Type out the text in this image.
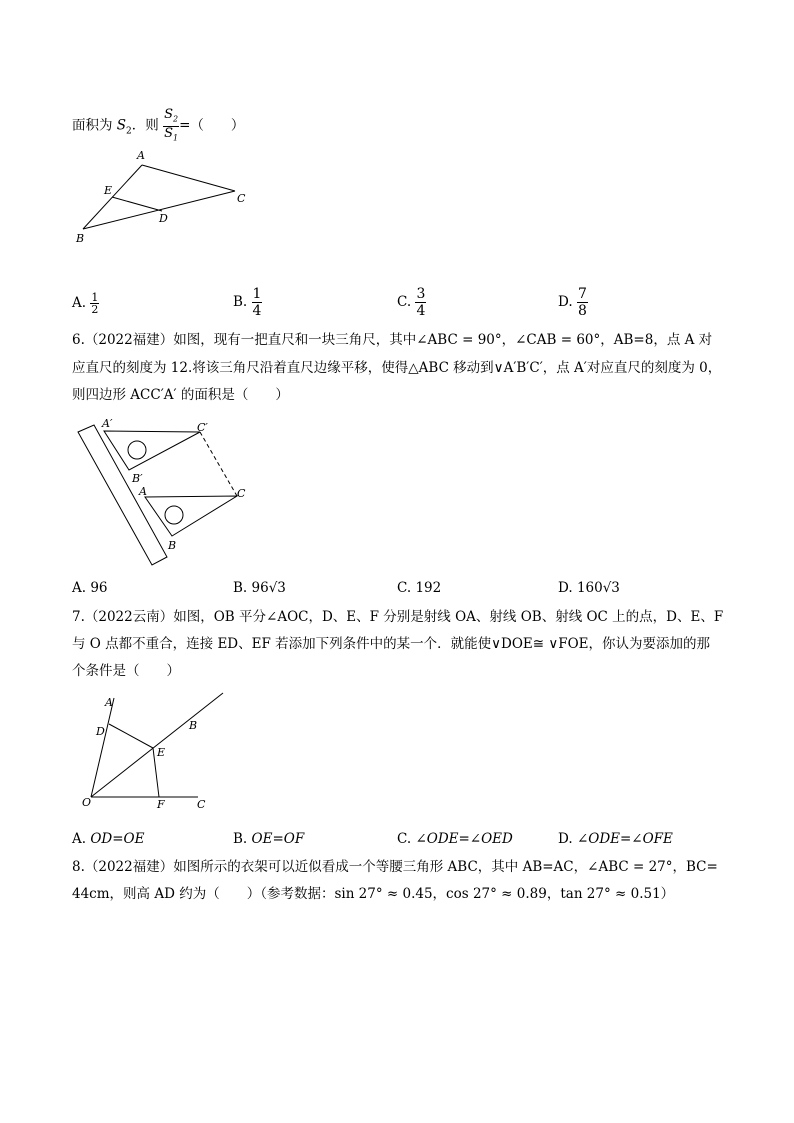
面积为 $S_2$．则 $\frac{S_2}{S_1}$ =（　　）
A
B
C
D
E
A. $\frac{1}{2}$	B. $\frac{1}{4}$	C. $\frac{3}{4}$	D. $\frac{7}{8}$
6.（2022福建）如图，现有一把直尺和一块三角尺，其中∠ABC = 90°，∠CAB = 60°，AB=8，点 A 对
应直尺的刻度为 12.将该三角尺沿着直尺边缘平移，使得△ABC 移动到∨A′B′C′，点 A′对应直尺的刻度为 0，
则四边形 ACC′A′ 的面积是（　　）
A′
B′
C′
A
B
C
A. 96	B. 96√3	C. 192	D. 160√3
7.（2022云南）如图，OB 平分∠AOC，D、E、F 分别是射线 OA、射线 OB、射线 OC 上的点，D、E、F
与 O 点都不重合，连接 ED、EF 若添加下列条件中的某一个．就能使∨DOE≅ ∨FOE，你认为要添加的那
个条件是（　　）
A
B
C
D
E
F
O
A. OD=OE	B. OE=OF	C. ∠ODE=∠OED	D. ∠ODE=∠OFE
8.（2022福建）如图所示的衣架可以近似看成一个等腰三角形 ABC，其中 AB=AC，∠ABC = 27°，BC=
44cm，则高 AD 约为（　　）（参考数据：sin 27° ≈ 0.45，cos 27° ≈ 0.89，tan 27° ≈ 0.51）
